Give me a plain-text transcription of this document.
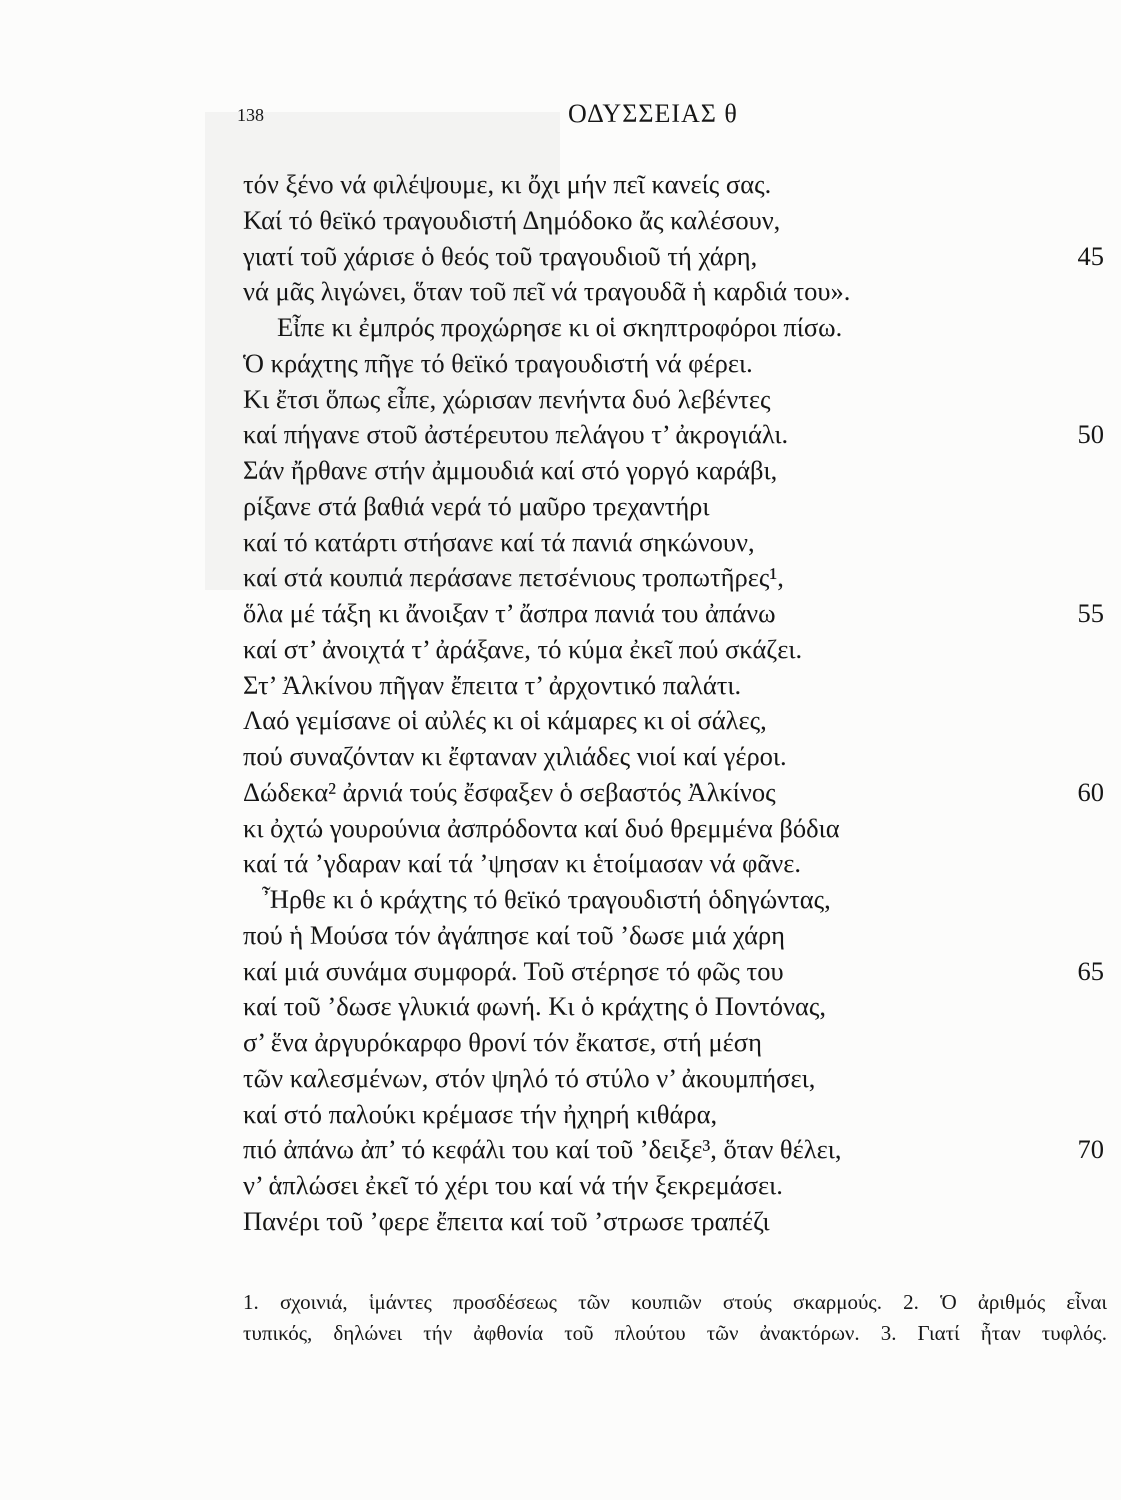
138	ΟΔΥΣΣΕΙΑΣ θ
τόν ξένο νά φιλέψουμε, κι ὄχι μήν πεῖ κανείς σας.
Καί τό θεϊκό τραγουδιστή Δημόδοκο ἄς καλέσουν,
γιατί τοῦ χάρισε ὁ θεός τοῦ τραγουδιοῦ τή χάρη,	45
νά μᾶς λιγώνει, ὅταν τοῦ πεῖ νά τραγουδᾶ ἡ καρδιά του».
Εἶπε κι ἐμπρός προχώρησε κι οἱ σκηπτροφόροι πίσω.
Ὁ κράχτης πῆγε τό θεϊκό τραγουδιστή νά φέρει.
Κι ἔτσι ὅπως εἶπε, χώρισαν πενήντα δυό λεβέντες
καί πήγανε στοῦ ἀστέρευτου πελάγου τ’ ἀκρογιάλι.	50
Σάν ἤρθανε στήν ἀμμουδιά καί στό γοργό καράβι,
ρίξανε στά βαθιά νερά τό μαῦρο τρεχαντήρι
καί τό κατάρτι στήσανε καί τά πανιά σηκώνουν,
καί στά κουπιά περάσανε πετσένιους τροπωτῆρες¹,
ὅλα μέ τάξη κι ἄνοιξαν τ’ ἄσπρα πανιά του ἀπάνω	55
καί στ’ ἀνοιχτά τ’ ἀράξανε, τό κύμα ἐκεῖ πού σκάζει.
Στ’ Ἀλκίνου πῆγαν ἔπειτα τ’ ἀρχοντικό παλάτι.
Λαό γεμίσανε οἱ αὐλές κι οἱ κάμαρες κι οἱ σάλες,
πού συναζόνταν κι ἔφταναν χιλιάδες νιοί καί γέροι.
Δώδεκα² ἀρνιά τούς ἔσφαξεν ὁ σεβαστός Ἀλκίνος	60
κι ὀχτώ γουρούνια ἀσπρόδοντα καί δυό θρεμμένα βόδια
καί τά ’γδαραν καί τά ’ψησαν κι ἑτοίμασαν νά φᾶνε.
Ἦρθε κι ὁ κράχτης τό θεϊκό τραγουδιστή ὁδηγώντας,
πού ἡ Μούσα τόν ἀγάπησε καί τοῦ ’δωσε μιά χάρη
καί μιά συνάμα συμφορά. Τοῦ στέρησε τό φῶς του	65
καί τοῦ ’δωσε γλυκιά φωνή. Κι ὁ κράχτης ὁ Ποντόνας,
σ’ ἕνα ἀργυρόκαρφο θρονί τόν ἔκατσε, στή μέση
τῶν καλεσμένων, στόν ψηλό τό στύλο ν’ ἀκουμπήσει,
καί στό παλούκι κρέμασε τήν ἠχηρή κιθάρα,
πιό ἀπάνω ἀπ’ τό κεφάλι του καί τοῦ ’δειξε³, ὅταν θέλει,	70
ν’ ἁπλώσει ἐκεῖ τό χέρι του καί νά τήν ξεκρεμάσει.
Πανέρι τοῦ ’φερε ἔπειτα καί τοῦ ’στρωσε τραπέζι
1. σχοινιά, ἱμάντες προσδέσεως τῶν κουπιῶν στούς σκαρμούς. 2. Ὁ ἀριθμός εἶναι
τυπικός, δηλώνει τήν ἀφθονία τοῦ πλούτου τῶν ἀνακτόρων. 3. Γιατί ἦταν τυφλός.
